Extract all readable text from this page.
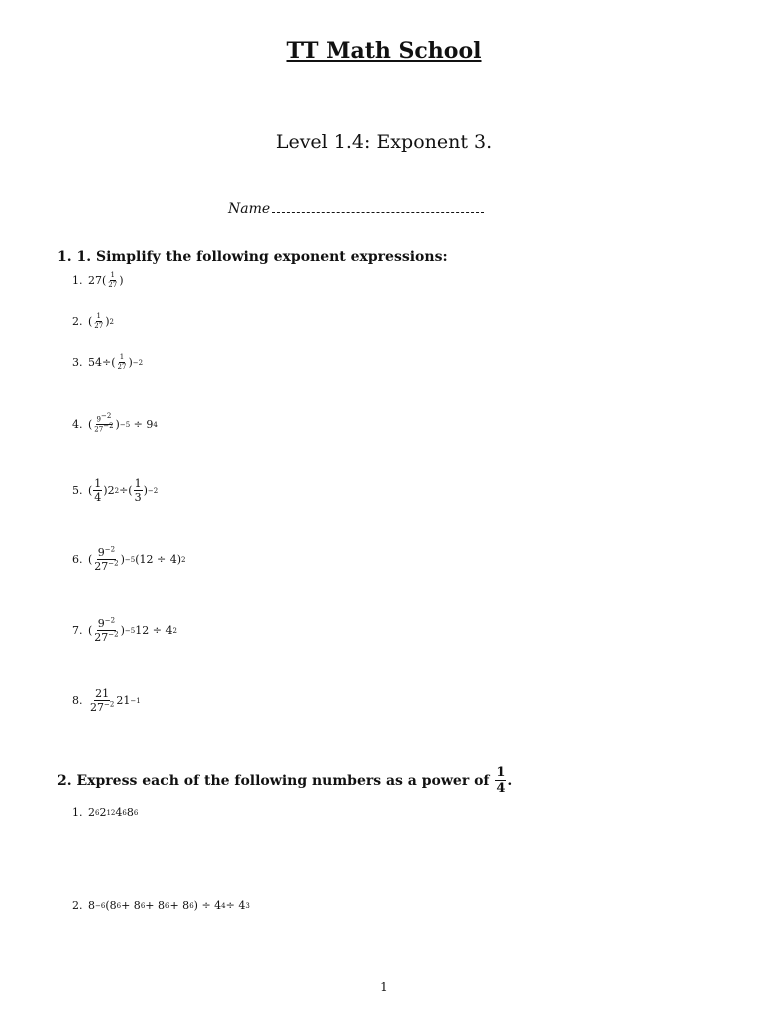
TT Math School
Level 1.4: Exponent 3.
Name
1. 1. Simplify the following exponent expressions:
1. $27( \frac{1}{27}$ )
2. ( $\frac{1}{27}$ ) 2
3. $54\div( \frac{1}{27}$ ) −2
4. ( $\frac{9^{-2}}{27^{-2}}$ ) −5 ÷ 9 4
5. ( $\frac{1}{4} )2$ 2 ÷( $\frac{1}{3}$ ) −2
6. ( $\frac{9^{-2}}{27^{-2}}$ ) −5 (12 ÷ 4) 2
7. ( $\frac{9^{-2}}{27^{-2}}$ ) −5 12 ÷ 4 2
8. $\frac{21}{27^{-2}} 21 -1$
2. Express each of the following numbers as a power of
$\frac{1}{4}$ .
1. 2 6 2 12 4 6 8 6
2. 8 −6 (8 6 + 8 6 + 8 6 + 8 6 ) ÷ 4 4 ÷ 4 3
1
